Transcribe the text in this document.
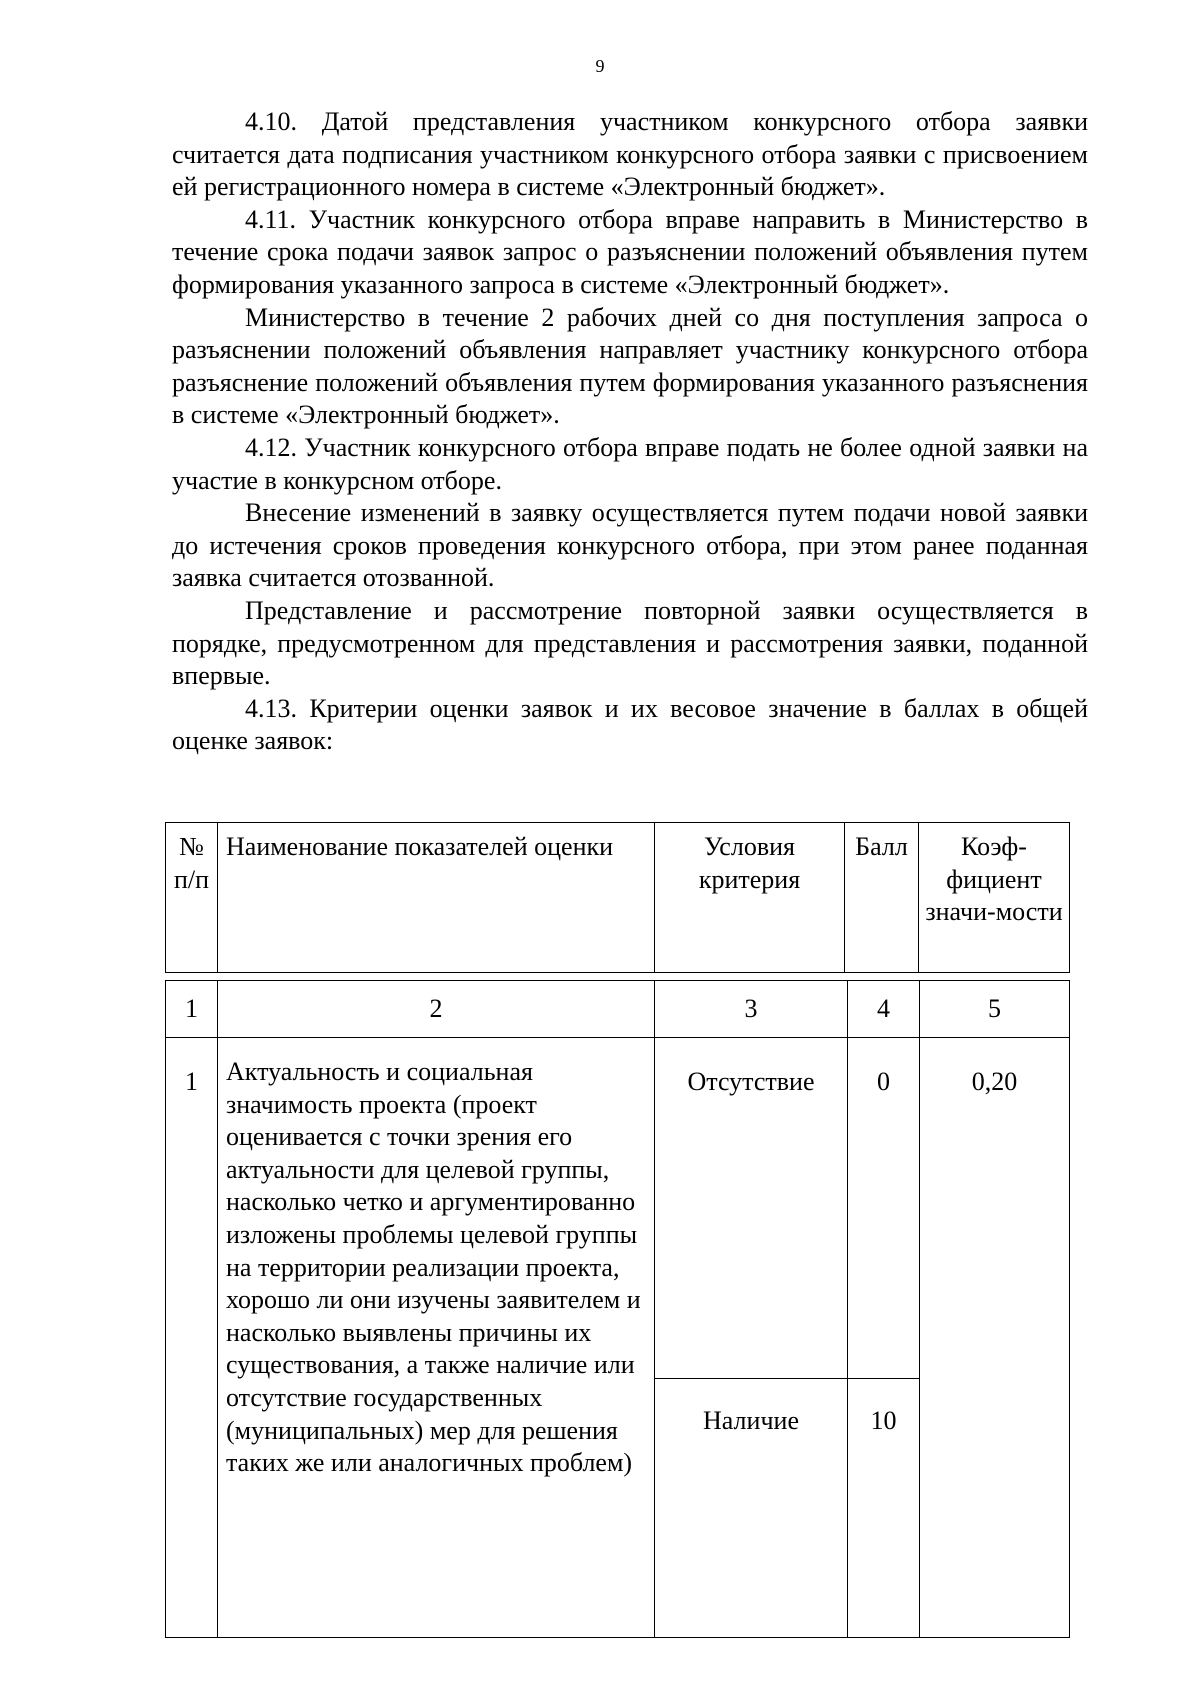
9

4.10. Датой представления участником конкурсного отбора заявки считается дата подписания участником конкурсного отбора заявки с присвоением ей регистрационного номера в системе «Электронный бюджет».

4.11. Участник конкурсного отбора вправе направить в Министерство в течение срока подачи заявок запрос о разъяснении положений объявления путем формирования указанного запроса в системе «Электронный бюджет».

Министерство в течение 2 рабочих дней со дня поступления запроса о разъяснении положений объявления направляет участнику конкурсного отбора разъяснение положений объявления путем формирования указанного разъяснения в системе «Электронный бюджет».

4.12. Участник конкурсного отбора вправе подать не более одной заявки на участие в конкурсном отборе.

Внесение изменений в заявку осуществляется путем подачи новой заявки до истечения сроков проведения конкурсного отбора, при этом ранее поданная заявка считается отозванной.

Представление и рассмотрение повторной заявки осуществляется в порядке, предусмотренном для представления и рассмотрения заявки, поданной впервые.

4.13. Критерии оценки заявок и их весовое значение в баллах в общей оценке заявок:

№ п/п	Наименование показателей оценки	Условия критерия	Балл	Коэф-фициент значи-мости
1	2	3	4	5
1	Актуальность и социальная значимость проекта (проект оценивается с точки зрения его актуальности для целевой группы, насколько четко и аргументированно изложены проблемы целевой группы на территории реализации проекта, хорошо ли они изучены заявителем и насколько выявлены причины их существования, а также наличие или отсутствие государственных (муниципальных) мер для решения таких же или аналогичных проблем)	Отсутствие	0	0,20
		Наличие	10	
